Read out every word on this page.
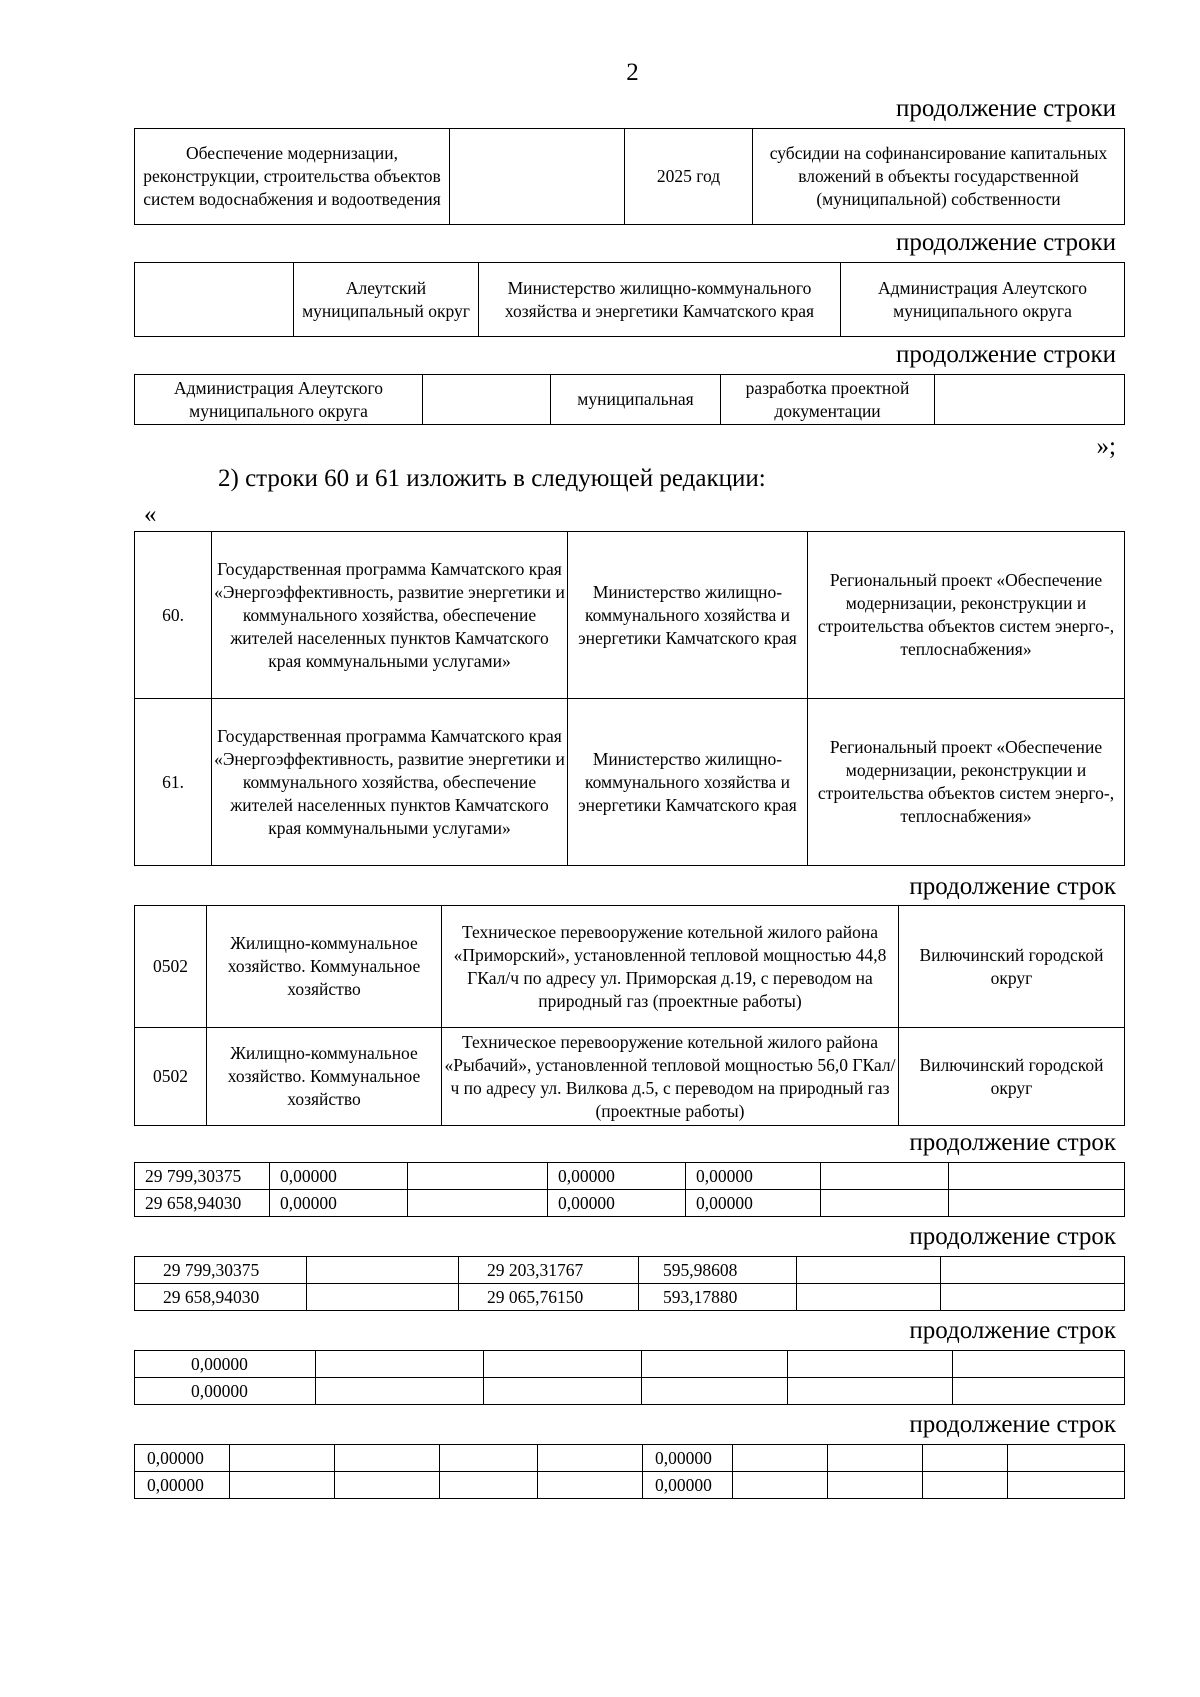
2
продолжение строки
Обеспечение модернизации, реконструкции, строительства объектов систем водоснабжения и водоотведения		2025 год	субсидии на софинансирование капитальных вложений в объекты государственной (муниципальной) собственности
продолжение строки
	Алеутский муниципальный округ	Министерство жилищно-коммунального хозяйства и энергетики Камчатского края	Администрация Алеутского муниципального округа
продолжение строки
Администрация Алеутского муниципального округа		муниципальная	разработка проектной документации	
»;
2) строки 60 и 61 изложить в следующей редакции:
«
60.	Государственная программа Камчатского края «Энергоэффективность, развитие энергетики и коммунального хозяйства, обеспечение жителей населенных пунктов Камчатского края коммунальными услугами»	Министерство жилищно-коммунального хозяйства и энергетики Камчатского края	Региональный проект «Обеспечение модернизации, реконструкции и строительства объектов систем энерго-, теплоснабжения»
61.	Государственная программа Камчатского края «Энергоэффективность, развитие энергетики и коммунального хозяйства, обеспечение жителей населенных пунктов Камчатского края коммунальными услугами»	Министерство жилищно-коммунального хозяйства и энергетики Камчатского края	Региональный проект «Обеспечение модернизации, реконструкции и строительства объектов систем энерго-, теплоснабжения»
продолжение строк
0502	Жилищно-коммунальное хозяйство. Коммунальное хозяйство	Техническое перевооружение котельной жилого района «Приморский», установленной тепловой мощностью 44,8 ГКал/ч по адресу ул. Приморская д.19, с переводом на природный газ (проектные работы)	Вилючинский городской округ
0502	Жилищно-коммунальное хозяйство. Коммунальное хозяйство	Техническое перевооружение котельной жилого района «Рыбачий», установленной тепловой мощностью 56,0 ГКал/ч по адресу ул. Вилкова д.5, с переводом на природный газ (проектные работы)	Вилючинский городской округ
продолжение строк
29 799,30375	0,00000		0,00000	0,00000		
29 658,94030	0,00000		0,00000	0,00000		
продолжение строк
29 799,30375		29 203,31767	595,98608		
29 658,94030		29 065,76150	593,17880		
продолжение строк
0,00000					
0,00000					
продолжение строк
0,00000					0,00000				
0,00000					0,00000				
